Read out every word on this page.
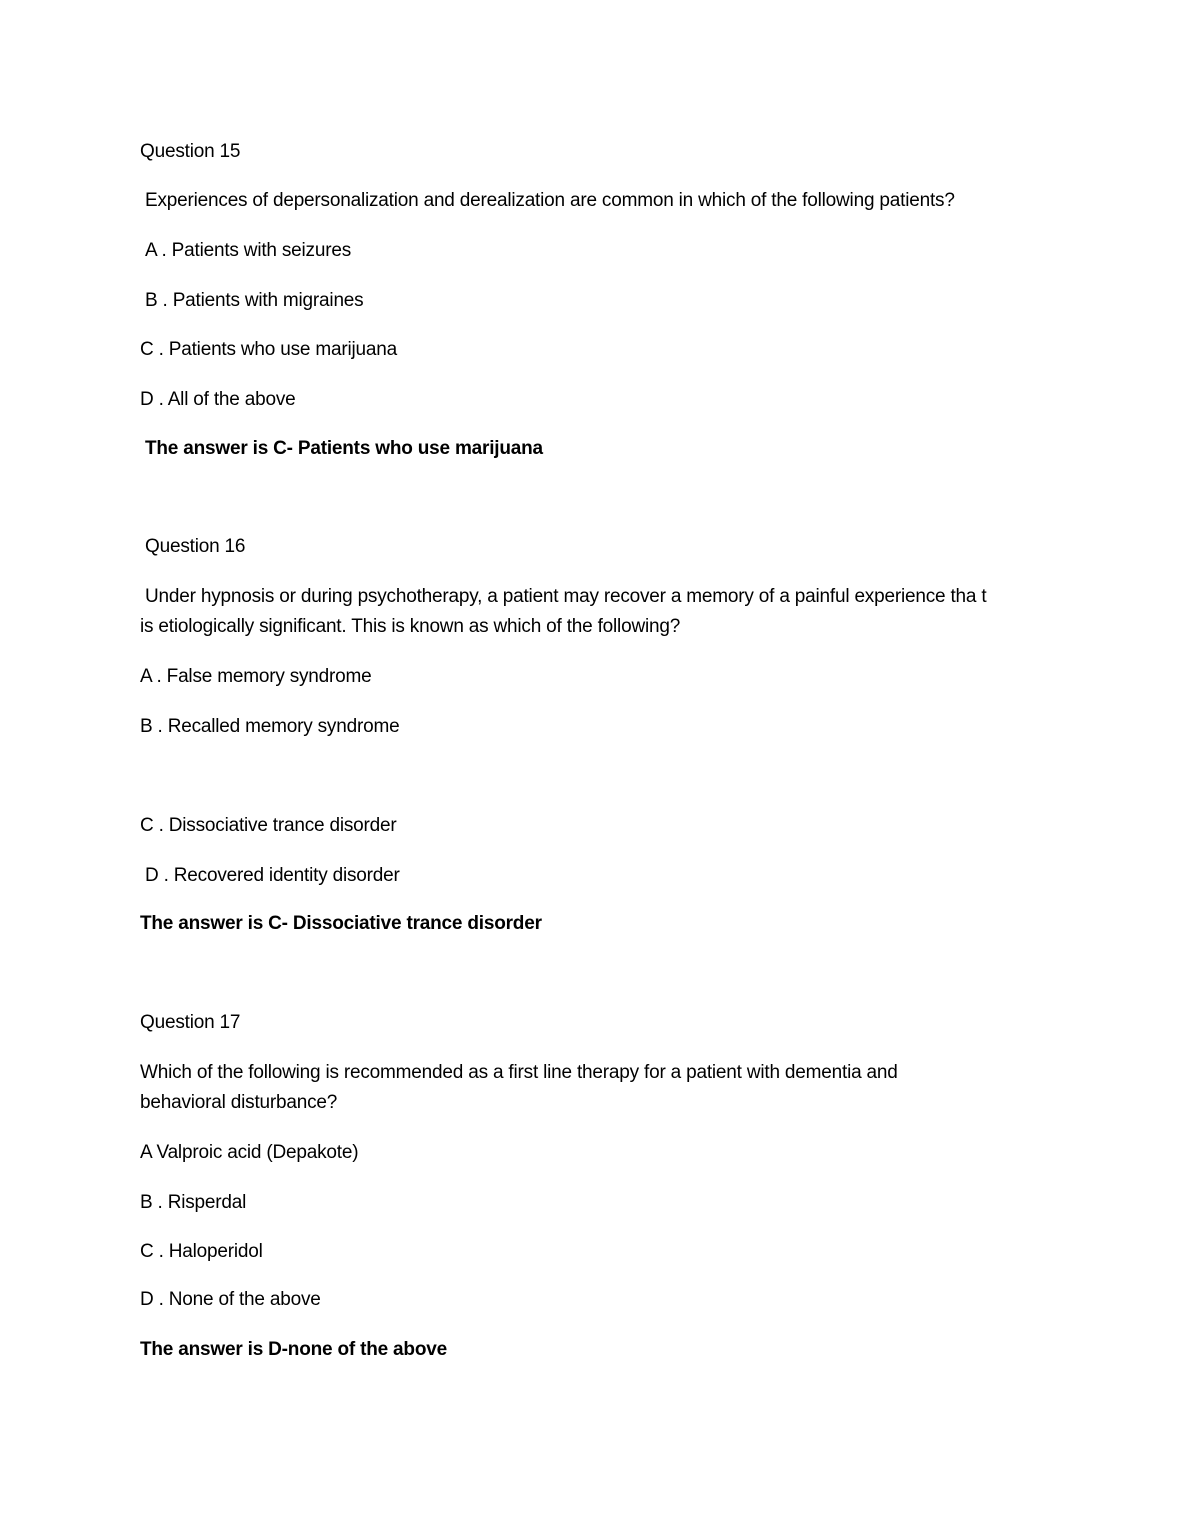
Question 15
Experiences of depersonalization and derealization are common in which of the following patients?
A . Patients with seizures
B . Patients with migraines
C . Patients who use marijuana
D . All of the above
The answer is C- Patients who use marijuana
Question 16
Under hypnosis or during psychotherapy, a patient may recover a memory of a painful experience tha t
is etiologically significant. This is known as which of the following?
A . False memory syndrome
B . Recalled memory syndrome
C . Dissociative trance disorder
D . Recovered identity disorder
The answer is C- Dissociative trance disorder
Question 17
Which of the following is recommended as a first line therapy for a patient with dementia and
behavioral disturbance?
A Valproic acid (Depakote)
B . Risperdal
C . Haloperidol
D . None of the above
The answer is D-none of the above
